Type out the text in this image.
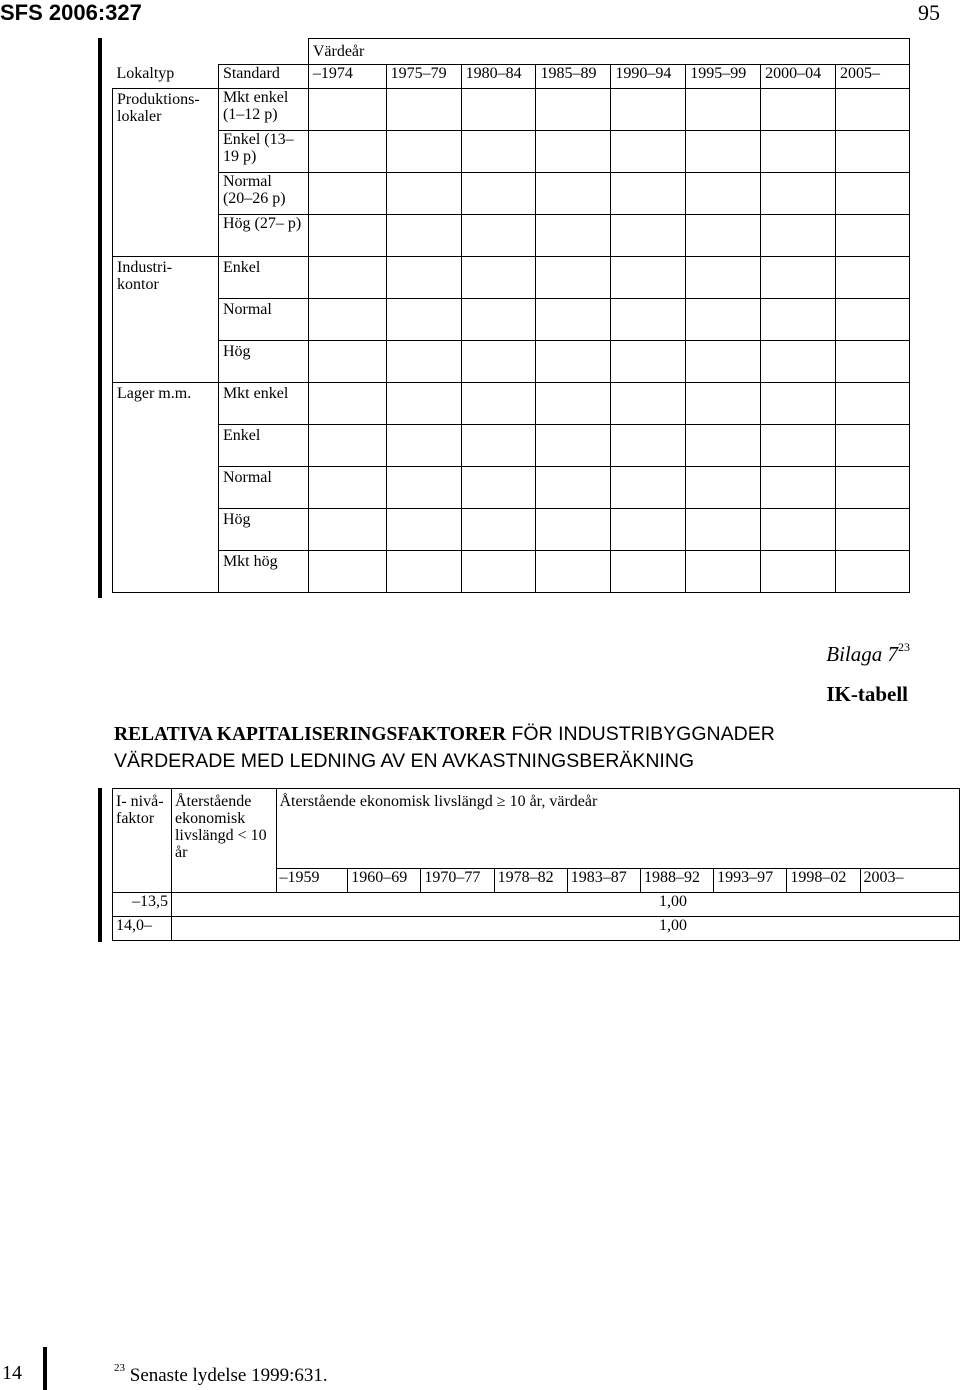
SFS 2006:327	95
		Värdeår							
Lokaltyp	Standard	–1974	1975–79	1980–84	1985–89	1990–94	1995–99	2000–04	2005–
Produktions- lokaler	Mkt enkel (1–12 p)								
	Enkel (13–19 p)								
	Normal (20–26 p)								
	Hög (27– p)								
Industri- kontor	Enkel								
	Normal								
	Hög								
Lager m.m.	Mkt enkel								
	Enkel								
	Normal								
	Hög								
	Mkt hög								
Bilaga $7^{23}$
IK-tabell
RELATIVA KAPITALISERINGSFAKTORER FÖR INDUSTRIBYGGNADER
VÄRDERADE MED LEDNING AV EN AVKASTNINGSBERÄKNING
I- nivå- faktor	Återstående ekonomisk livslängd < 10 år	Återstående ekonomisk livslängd ≥ 10 år, värdeår								
		–1959	1960–69	1970–77	1978–82	1983–87	1988–92	1993–97	1998–02	2003–
–13,5	1,00									
14,0–	1,00									
14	$^{23}$ Senaste lydelse 1999:631.
